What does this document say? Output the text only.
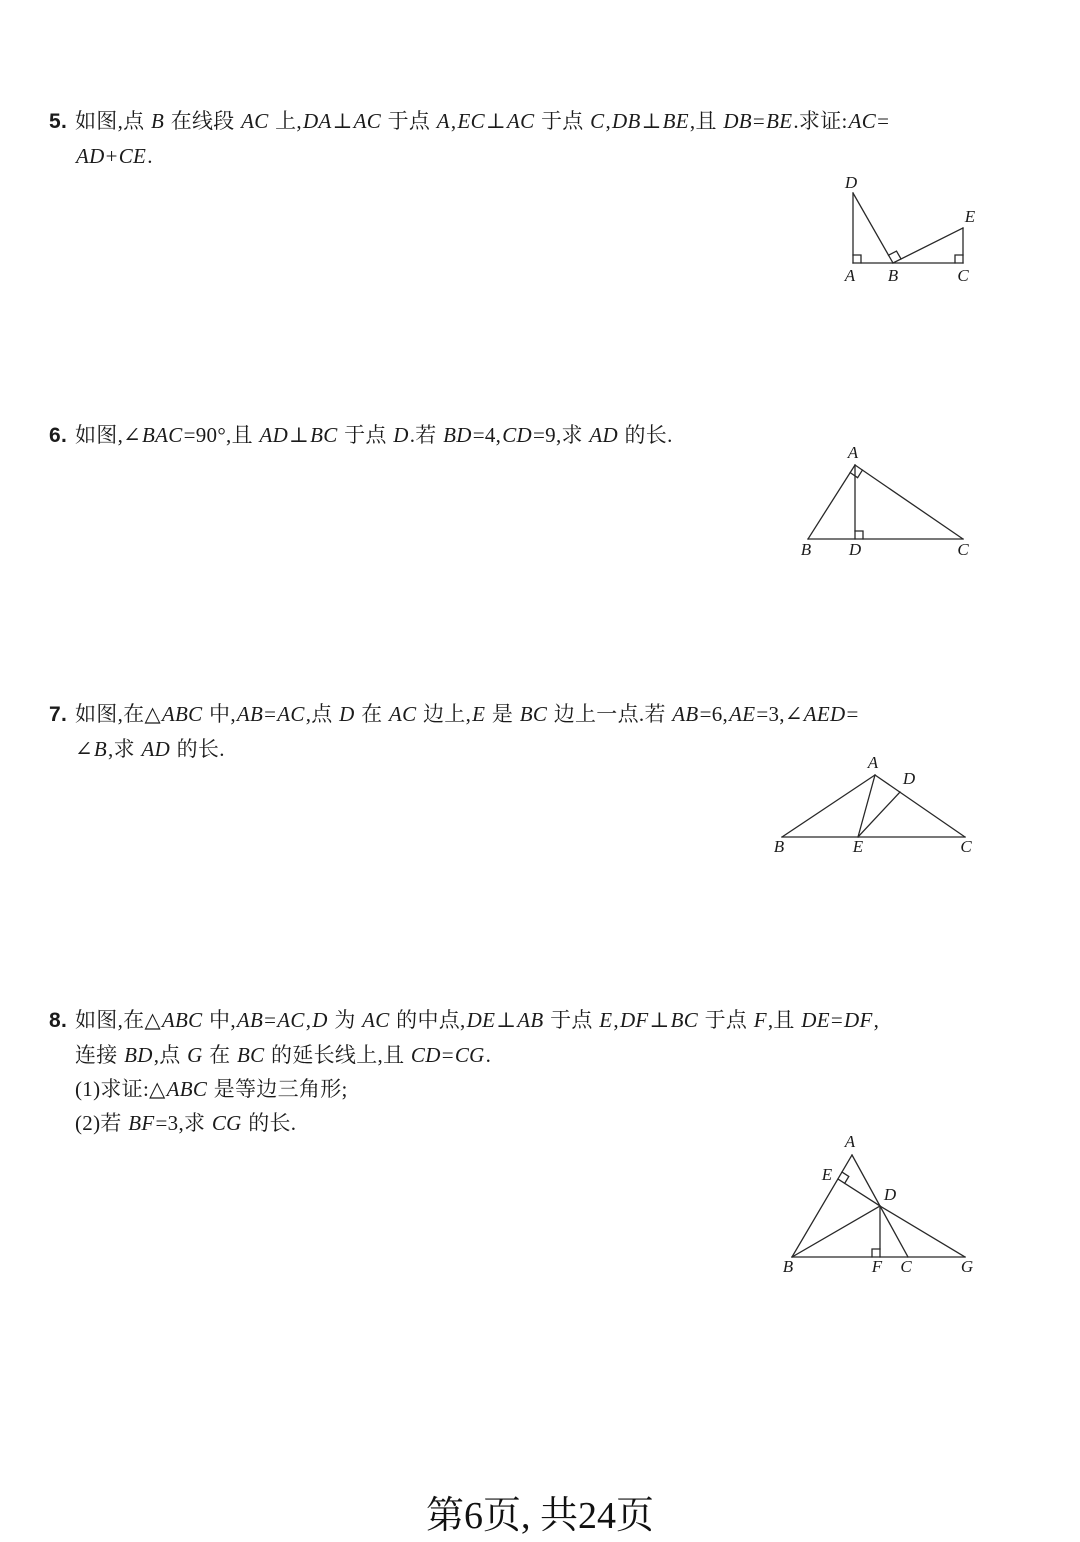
5. 如图,点 B 在线段 AC 上,DA⊥AC 于点 A,EC⊥AC 于点 C,DB⊥BE,且 DB=BE.求证:AC=
AD+CE.
D
E
A B	C
6. 如图,∠BAC=90°,且 AD⊥BC 于点 D.若 BD=4,CD=9,求 AD 的长.
A
B D	C
7. 如图,在△ABC 中,AB=AC,点 D 在 AC 边上,E 是 BC 边上一点.若 AB=6,AE=3,∠AED=
∠B,求 AD 的长.
A
D
B	E	C
8. 如图,在△ABC 中,AB=AC,D 为 AC 的中点,DE⊥AB 于点 E,DF⊥BC 于点 F,且 DE=DF,
连接 BD,点 G 在 BC 的延长线上,且 CD=CG.
(1)求证:△ABC 是等边三角形;
(2)若 BF=3,求 CG 的长.
A
E
D
B	F C	G
第6页, 共24页
